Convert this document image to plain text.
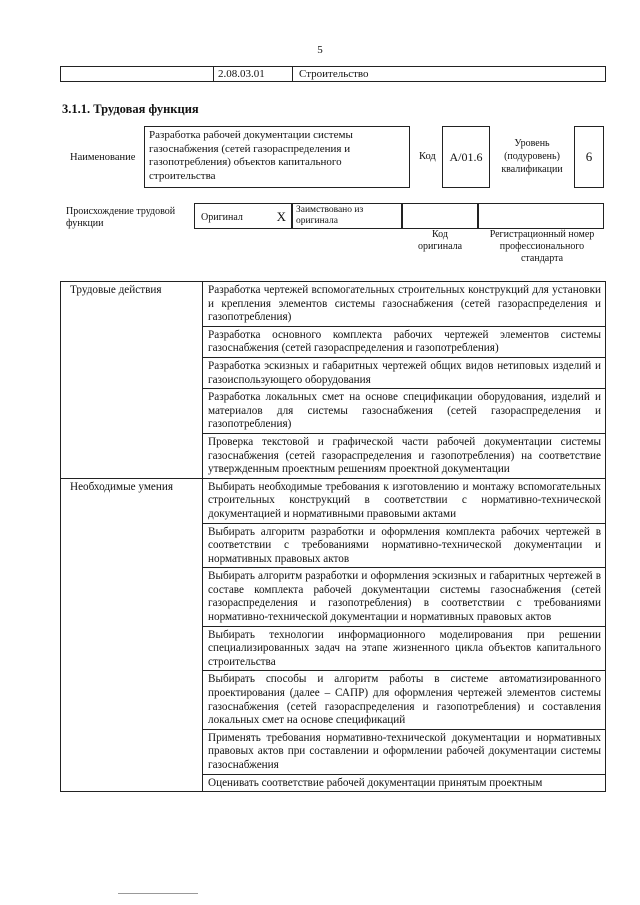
5
2.08.03.01	Строительство
3.1.1. Трудовая функция
Наименование
Разработка рабочей документации системы газоснабжения (сетей газораспределения и газопотребления) объектов капитального строительства
Код	A/01.6
Уровень (подуровень) квалификации
6
Происхождение трудовой функции
Оригинал	X	Заимствовано из оригинала
Код оригинала
Регистрационный номер профессионального стандарта
Трудовые действия	Разработка чертежей вспомогательных строительных конструкций для установки и крепления элементов системы газоснабжения (сетей газораспределения и газопотребления)
	Разработка основного комплекта рабочих чертежей элементов системы газоснабжения (сетей газораспределения и газопотребления)
	Разработка эскизных и габаритных чертежей общих видов нетиповых изделий и газоиспользующего оборудования
	Разработка локальных смет на основе спецификации оборудования, изделий и материалов для системы газоснабжения (сетей газораспределения и газопотребления)
	Проверка текстовой и графической части рабочей документации системы газоснабжения (сетей газораспределения и газопотребления) на соответствие утвержденным проектным решениям проектной документации
Необходимые умения	Выбирать необходимые требования к изготовлению и монтажу вспомогательных строительных конструкций в соответствии с нормативно-технической документацией и нормативными правовыми актами
	Выбирать алгоритм разработки и оформления комплекта рабочих чертежей в соответствии с требованиями нормативно-технической документации и нормативных правовых актов
	Выбирать алгоритм разработки и оформления эскизных и габаритных чертежей в составе комплекта рабочей документации системы газоснабжения (сетей газораспределения и газопотребления) в соответствии с требованиями нормативно-технической документации и нормативных правовых актов
	Выбирать технологии информационного моделирования при решении специализированных задач на этапе жизненного цикла объектов капитального строительства
	Выбирать способы и алгоритм работы в системе автоматизированного проектирования (далее – САПР) для оформления чертежей элементов системы газоснабжения (сетей газораспределения и газопотребления) и составления локальных смет на основе спецификаций
	Применять требования нормативно-технической документации и нормативных правовых актов при составлении и оформлении рабочей документации системы газоснабжения
	Оценивать соответствие рабочей документации принятым проектным
